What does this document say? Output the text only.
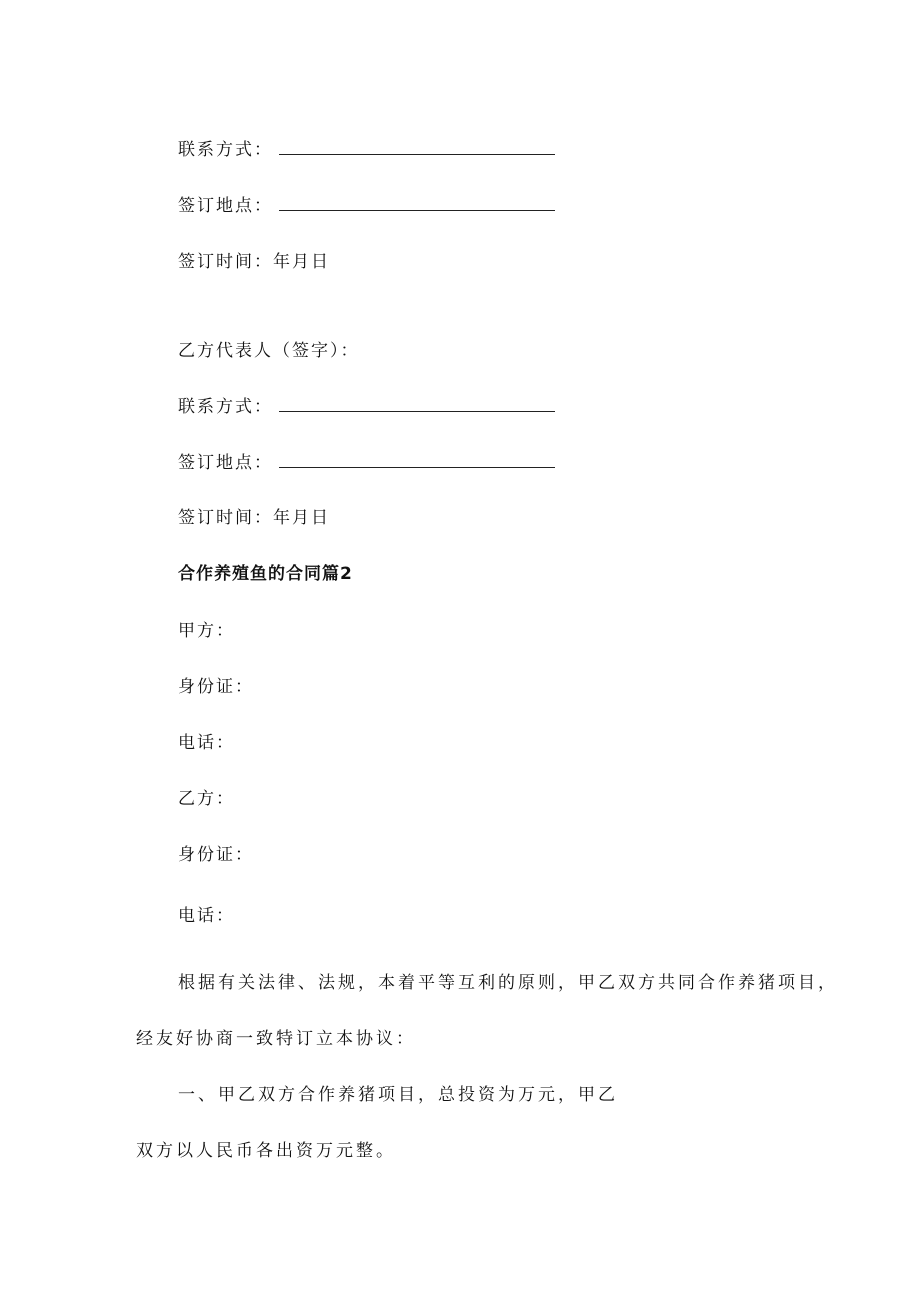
联系方式：
签订地点：
签订时间：年月日
乙方代表人（签字）：
联系方式：
签订地点：
签订时间：年月日
合作养殖鱼的合同篇2
甲方：
身份证：
电话：
乙方：
身份证：
电话：
根据有关法律、法规，本着平等互利的原则，甲乙双方共同合作养猪项目，
经友好协商一致特订立本协议：
一、甲乙双方合作养猪项目，总投资为万元，甲乙
双方以人民币各出资万元整。
